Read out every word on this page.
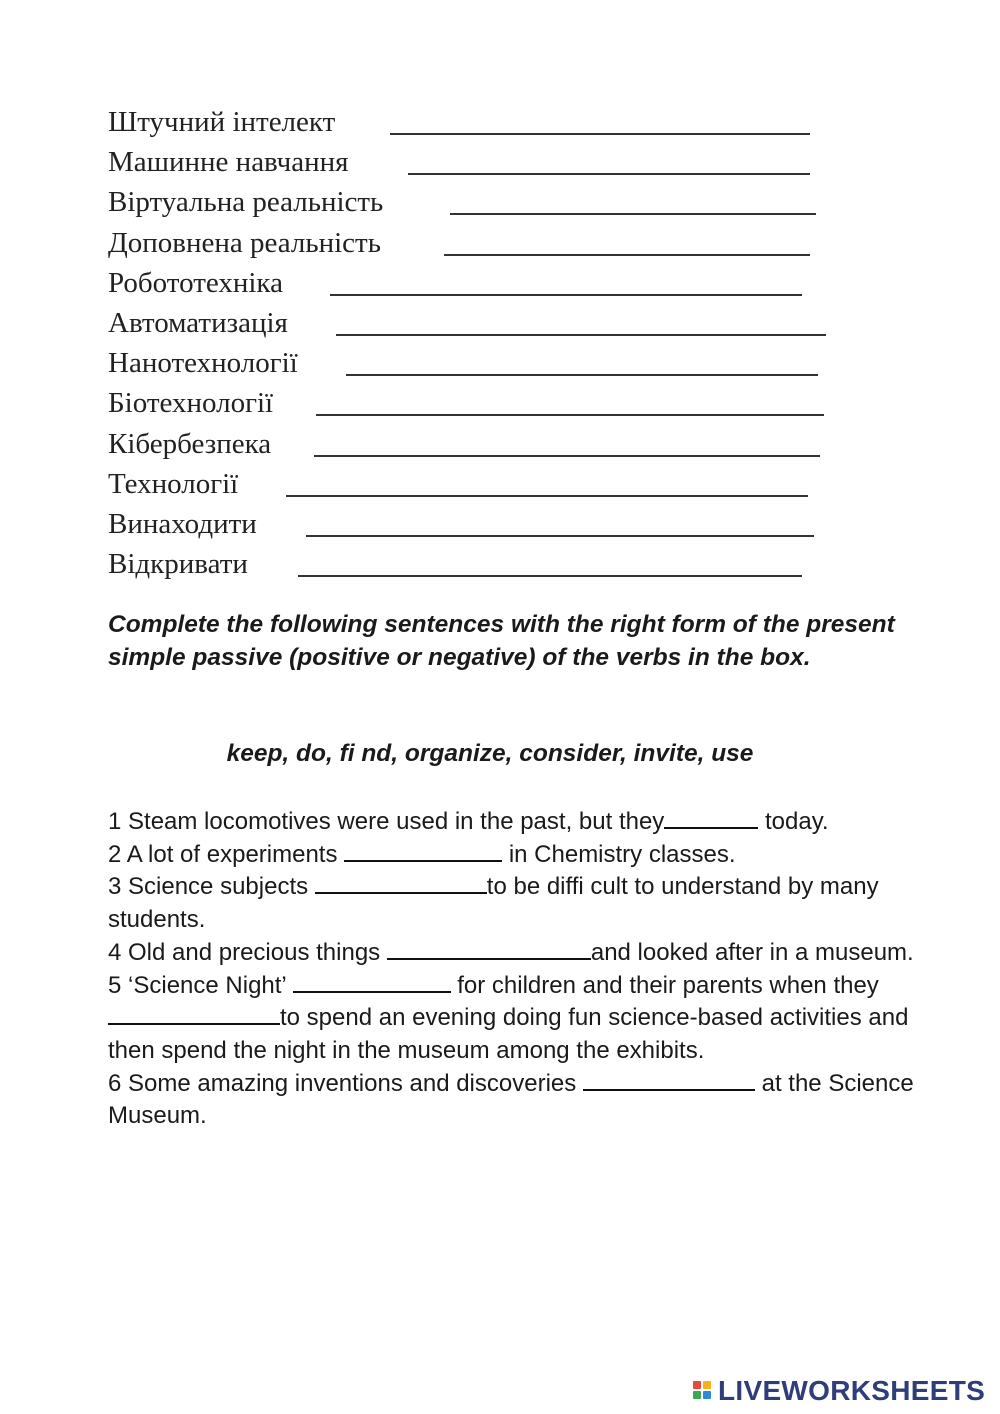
Штучний інтелект
Машинне навчання
Віртуальна реальність
Доповнена реальність
Робототехніка
Автоматизація
Нанотехнології
Біотехнології
Кібербезпека
Технології
Винаходити
Відкривати
Complete the following sentences with the right form of the present simple passive (positive or negative) of the verbs in the box.
keep, do, fi nd, organize, consider, invite, use
1 Steam locomotives were used in the past, but they	today.
2 A lot of experiments	in Chemistry classes.
3 Science subjects	to be diffi cult to understand by many students.
4 Old and precious things	and looked after in a museum.
5 ‘Science Night’	for children and their parents when they to spend an evening doing fun science-based activities and then spend the night in the museum among the exhibits.
6 Some amazing inventions and discoveries	at the Science Museum.
LIVEWORKSHEETS
